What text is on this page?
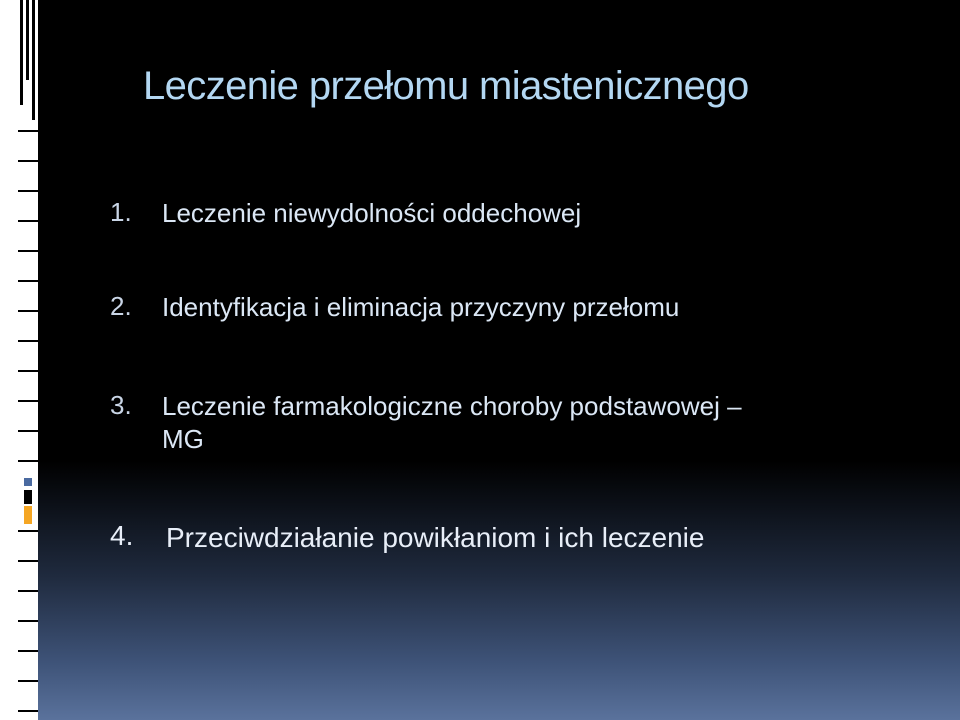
Leczenie przełomu miastenicznego
1. Leczenie niewydolności oddechowej
2. Identyfikacja i eliminacja przyczyny przełomu
3. Leczenie farmakologiczne choroby podstawowej –
MG
4. Przeciwdziałanie powikłaniom i ich leczenie
